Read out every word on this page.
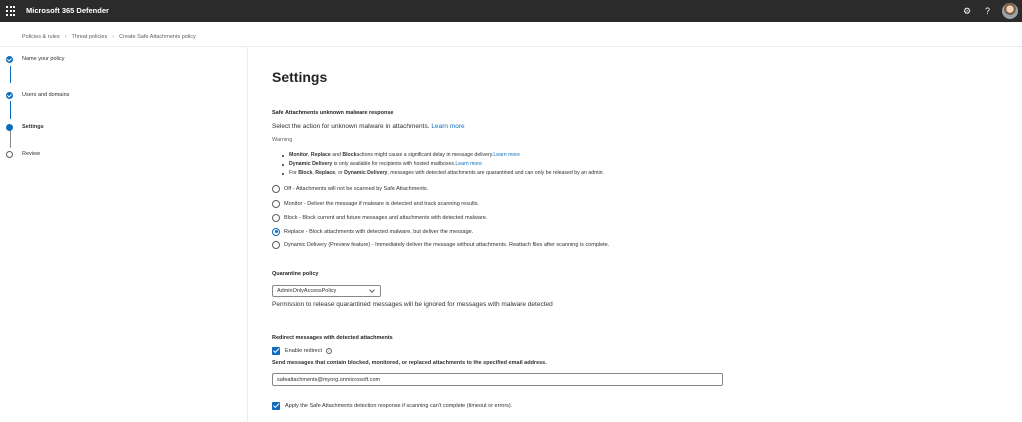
Microsoft 365 Defender	⚙ ?
Policies & rules › Threat policies › Create Safe Attachments policy
Name your policy
Users and domains
Settings
Review
Settings
Safe Attachments unknown malware response
Select the action for unknown malware in attachments. Learn more
Warning
Monitor , Replace and Block actions might cause a significant delay in message delivery. Learn more
Dynamic Delivery is only available for recipients with hosted mailboxes. Learn more
For Block , Replace , or Dynamic Delivery , messages with detected attachments are quarantined and can only be released by an admin.
Off - Attachments will not be scanned by Safe Attachments.
Monitor - Deliver the message if malware is detected and track scanning results.
Block - Block current and future messages and attachments with detected malware.
Replace - Block attachments with detected malware, but deliver the message.
Dynamic Delivery (Preview feature) - Immediately deliver the message without attachments. Reattach files after scanning is complete.
Quarantine policy
AdminOnlyAccessPolicy
Permission to release quarantined messages will be ignored for messages with malware detected
Redirect messages with detected attachments
Enable redirect	i
Send messages that contain blocked, monitored, or replaced attachments to the specified email address.
safeattachments@myorg.onmicrosoft.com
Apply the Safe Attachments detection response if scanning can't complete (timeout or errors).
